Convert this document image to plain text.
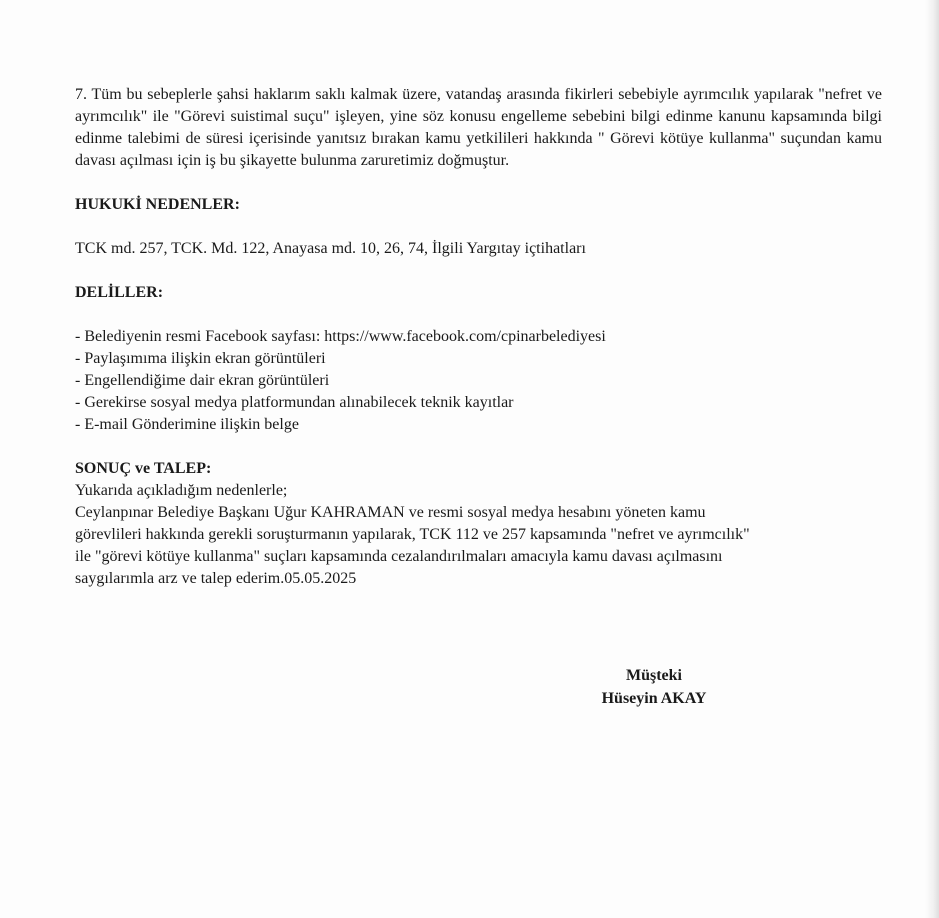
7. Tüm bu sebeplerle şahsi haklarım saklı kalmak üzere, vatandaş arasında fikirleri sebebiyle ayrımcılık yapılarak "nefret ve ayrımcılık" ile "Görevi suistimal suçu" işleyen, yine söz konusu engelleme sebebini bilgi edinme kanunu kapsamında bilgi edinme talebimi de süresi içerisinde yanıtsız bırakan kamu yetkilileri hakkında " Görevi kötüye kullanma" suçundan kamu davası açılması için iş bu şikayette bulunma zaruretimiz doğmuştur.

HUKUKİ NEDENLER:

TCK md. 257, TCK. Md. 122, Anayasa md. 10, 26, 74, İlgili Yargıtay içtihatları

DELİLLER:

- Belediyenin resmi Facebook sayfası: https://www.facebook.com/cpinarbelediyesi

- Paylaşımıma ilişkin ekran görüntüleri

- Engellendiğime dair ekran görüntüleri

- Gerekirse sosyal medya platformundan alınabilecek teknik kayıtlar

- E-mail Gönderimine ilişkin belge

SONUÇ ve TALEP:

Yukarıda açıkladığım nedenlerle;

Ceylanpınar Belediye Başkanı Uğur KAHRAMAN ve resmi sosyal medya hesabını yöneten kamu

görevlileri hakkında gerekli soruşturmanın yapılarak, TCK 112 ve 257 kapsamında "nefret ve ayrımcılık"

ile "görevi kötüye kullanma" suçları kapsamında cezalandırılmaları amacıyla kamu davası açılmasını

saygılarımla arz ve talep ederim.05.05.2025

Müşteki
Hüseyin AKAY
